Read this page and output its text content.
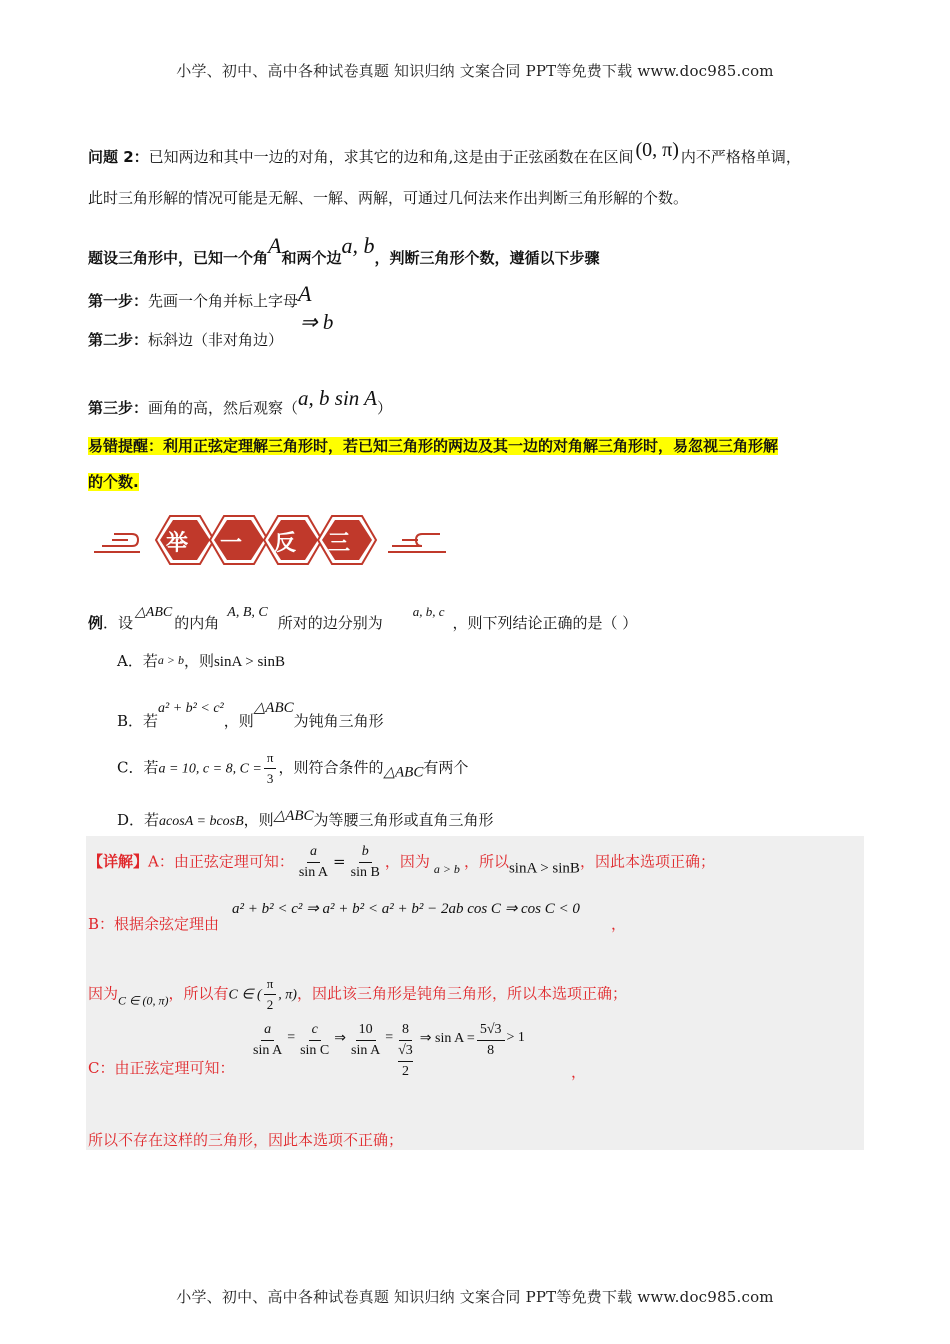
小学、初中、高中各种试卷真题 知识归纳 文案合同 PPT等免费下载 www.doc985.com
问题 2：已知两边和其中一边的对角，求其它的边和角,这是由于正弦函数在在区间 (0, π) 内不严格格单调，
此时三角形解的情况可能是无解、一解、两解，可通过几何法来作出判断三角形解的个数。
题设三角形中，已知一个角A和两个边a, b，判断三角形个数，遵循以下步骤
第一步：先画一个角并标上字母A
⇒ b
第二步：标斜边（非对角边）
第三步：画角的高，然后观察（a, b sin A）
易错提醒：利用正弦定理解三角形时，若已知三角形的两边及其一边的对角解三角形时，易忽视三角形解
的个数.
举	一	反	三
例．设△ABC的内角A, B, C所对的边分别为a, b, c，则下列结论正确的是（ ）
A．若a > b，则sinA > sinB
B．若a² + b² < c²，则△ABC为钝角三角形
C．若a = 10, c = 8, $C = \frac{\pi}{3}$ ，则符合条件的△ABC有两个
D．若acosA = bcosB，则△ABC为等腰三角形或直角三角形
【详解】A：由正弦定理可知： $\frac{a}{\text{sin A}} = \frac{b}{\text{sin B}}$ ，因为 $_{a > b}$ ，所以sinA > sinB，因此本选项正确；
a² + b² < c² ⇒ a² + b² < a² + b² − 2ab cos C ⇒ cos C < 0
B：根据余弦定理由	，
因为$_{C \in (0, \pi)}$，所以有C ∈ ( $\frac{\pi}{2}$ , π)，因此该三角形是钝角三角形，所以本选项正确；
$\frac{a}{\text{sin A}} = \frac{c}{\text{sin C}}$ ⇒ $\frac{10}{\text{sin A}} = \frac{8}{\frac{√3}{2}}$ ⇒ $\sin A = \frac{5√3}{8} > 1$
C：由正弦定理可知：	，
所以不存在这样的三角形，因此本选项不正确；
小学、初中、高中各种试卷真题 知识归纳 文案合同 PPT等免费下载 www.doc985.com
